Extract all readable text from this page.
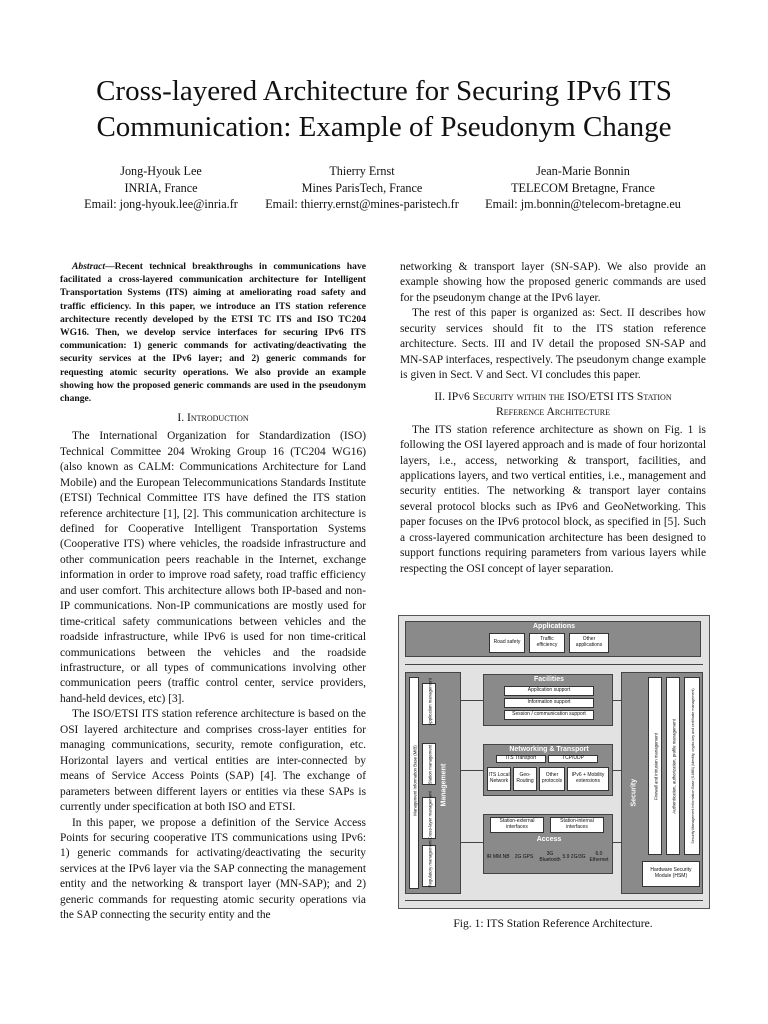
Cross-layered Architecture for Securing IPv6 ITS
Communication: Example of Pseudonym Change
Jong-Hyouk Lee
INRIA, France
Email: jong-hyouk.lee@inria.fr
Thierry Ernst
Mines ParisTech, France
Email: thierry.ernst@mines-paristech.fr
Jean-Marie Bonnin
TELECOM Bretagne, France
Email: jm.bonnin@telecom-bretagne.eu

Abstract—Recent technical breakthroughs in communications have facilitated a cross-layered communication architecture for Intelligent Transportation Systems (ITS) aiming at ameliorating road safety and traffic efficiency. In this paper, we introduce an ITS station reference architecture recently developed by the ETSI TC ITS and ISO TC204 WG16. Then, we develop service interfaces for securing IPv6 ITS communication: 1) generic commands for activating/deactivating the security services at the IPv6 layer; and 2) generic commands for requesting atomic security operations. We also provide an example showing how the proposed generic commands are used in the pseudonym change.

I. Introduction

The International Organization for Standardization (ISO) Technical Committee 204 Wroking Group 16 (TC204 WG16) (also known as CALM: Communications Architecture for Land Mobile) and the European Telecommunications Standards Institute (ETSI) Technical Committee ITS have defined the ITS station reference architecture [1], [2]. This communication architecture is defined for Cooperative Intelligent Transportation Systems (Cooperative ITS) where vehicles, the roadside infrastructure and other communication peers reachable in the Internet, exchange information in order to improve road safety, road traffic efficiency and user comfort. This architecture allows both IP-based and non-IP communications. Non-IP communications are mostly used for time-critical safety communications between vehicles and the roadside infrastructure, while IPv6 is used for non time-critical communications between the vehicles and the roadside infrastructure, or all types of communications involving other communication peers (traffic control center, service providers, hand-held devices, etc) [3].

The ISO/ETSI ITS station reference architecture is based on the OSI layered architecture and comprises cross-layer entities for managing communications, security, remote configuration, etc. Horizontal layers and vertical entities are inter-connected by means of Service Access Points (SAP) [4]. The exchange of parameters between different layers or entities via these SAPs is currently under specification at both ISO and ETSI.

In this paper, we propose a definition of the Service Access Points for securing cooperative ITS communications using IPv6: 1) generic commands for activating/deactivating the security services at the IPv6 layer via the SAP connecting the management entity and the networking & transport layer (MN-SAP); and 2) generic commands for requesting atomic security operations via the SAP connecting the security entity and the

networking & transport layer (SN-SAP). We also provide an example showing how the proposed generic commands are used for the pseudonym change at the IPv6 layer.

The rest of this paper is organized as: Sect. II describes how security services should fit to the ITS station reference architecture. Sects. III and IV detail the proposed SN-SAP and MN-SAP interfaces, respectively. The pseudonym change example is given in Sect. V and Sect. VI concludes this paper.

II. IPv6 Security within the ISO/ETSI ITS Station
Reference Architecture

The ITS station reference architecture as shown on Fig. 1 is following the OSI layered approach and is made of four horizontal layers, i.e., access, networking & transport, facilities, and applications layers, and two vertical entities, i.e., management and security entities. The networking & transport layer contains several protocol blocks such as IPv6 and GeoNetworking. This paper focuses on the IPv6 protocol block, as specified in [5]. Such a cross-layered communication architecture has been designed to support functions requiring parameters from various layers while respecting the OSI concept of layer separation.

Applications
Road safety	Traffic efficiency
Other applications
Management Information Base (MIB)
Application management
Station management
Cross-layer management
Regulatory management
Management	Security	Firewall and intrusion management	Authentication, authorization, profile management	Security Management Information Base (S-MIB) (Identity, crypto-key and certificate management)
Hardware Security Module (HSM)
Facilities
Application support
Information support
Session / communication support
Networking & Transport
ITS Transport	TCP/UDP
ITS Local Network
Geo-Routing
Other protocols
IPv6 + Mobility extensions
Station-external interfaces
Station-internal interfaces
Access
IR MM.NB	2G GPS	3G Bluetooth 5.9 2G/3G	6.0 Ethernet
Fig. 1: ITS Station Reference Architecture.
